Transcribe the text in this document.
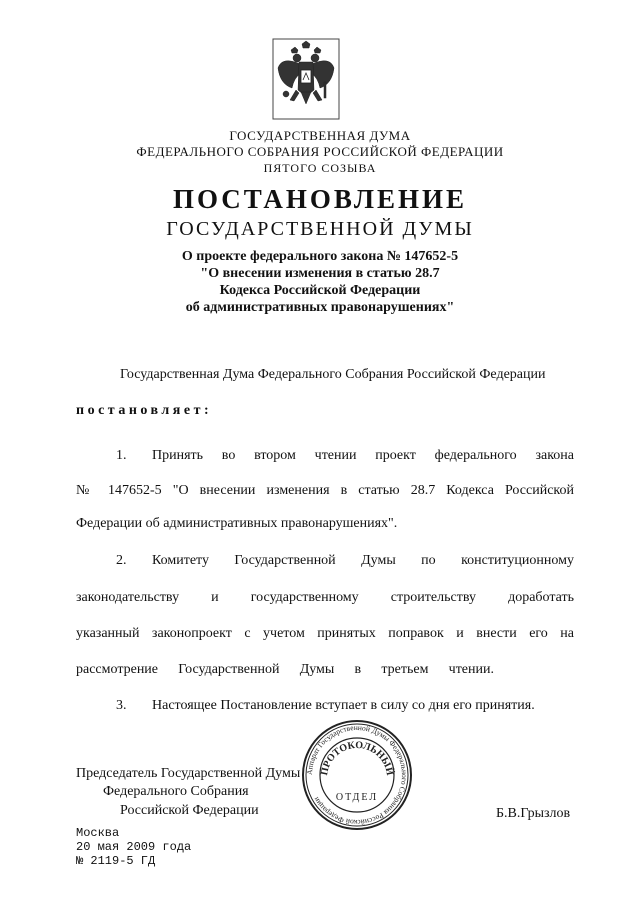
ГОСУДАРСТВЕННАЯ ДУМА
ФЕДЕРАЛЬНОГО СОБРАНИЯ РОССИЙСКОЙ ФЕДЕРАЦИИ
ПЯТОГО СОЗЫВА
ПОСТАНОВЛЕНИЕ
ГОСУДАРСТВЕННОЙ ДУМЫ
О проекте федерального закона № 147652-5
"О внесении изменения в статью 28.7
Кодекса Российской Федерации
об административных правонарушениях"
Государственная Дума Федерального Собрания Российской Федерации
постановляет:
1. Принять во втором чтении проект федерального закона
№ 147652-5 "О внесении изменения в статью 28.7 Кодекса Российской
Федерации об административных правонарушениях".
2. Комитету Государственной Думы по конституционному
законодательству и государственному строительству доработать
указанный законопроект с учетом принятых поправок и внести его на
рассмотрение Государственной Думы в третьем чтении.
3. Настоящее Постановление вступает в силу со дня его принятия.
Председатель Государственной Думы
Федерального Собрания
Российской Федерации	Б.В.Грызлов
Аппарат Государственной Думы Федерального Собрания Российской Федерации
ПРОТОКОЛЬНЫЙ
ОТДЕЛ
Москва
20 мая 2009 года
№ 2119-5 ГД
